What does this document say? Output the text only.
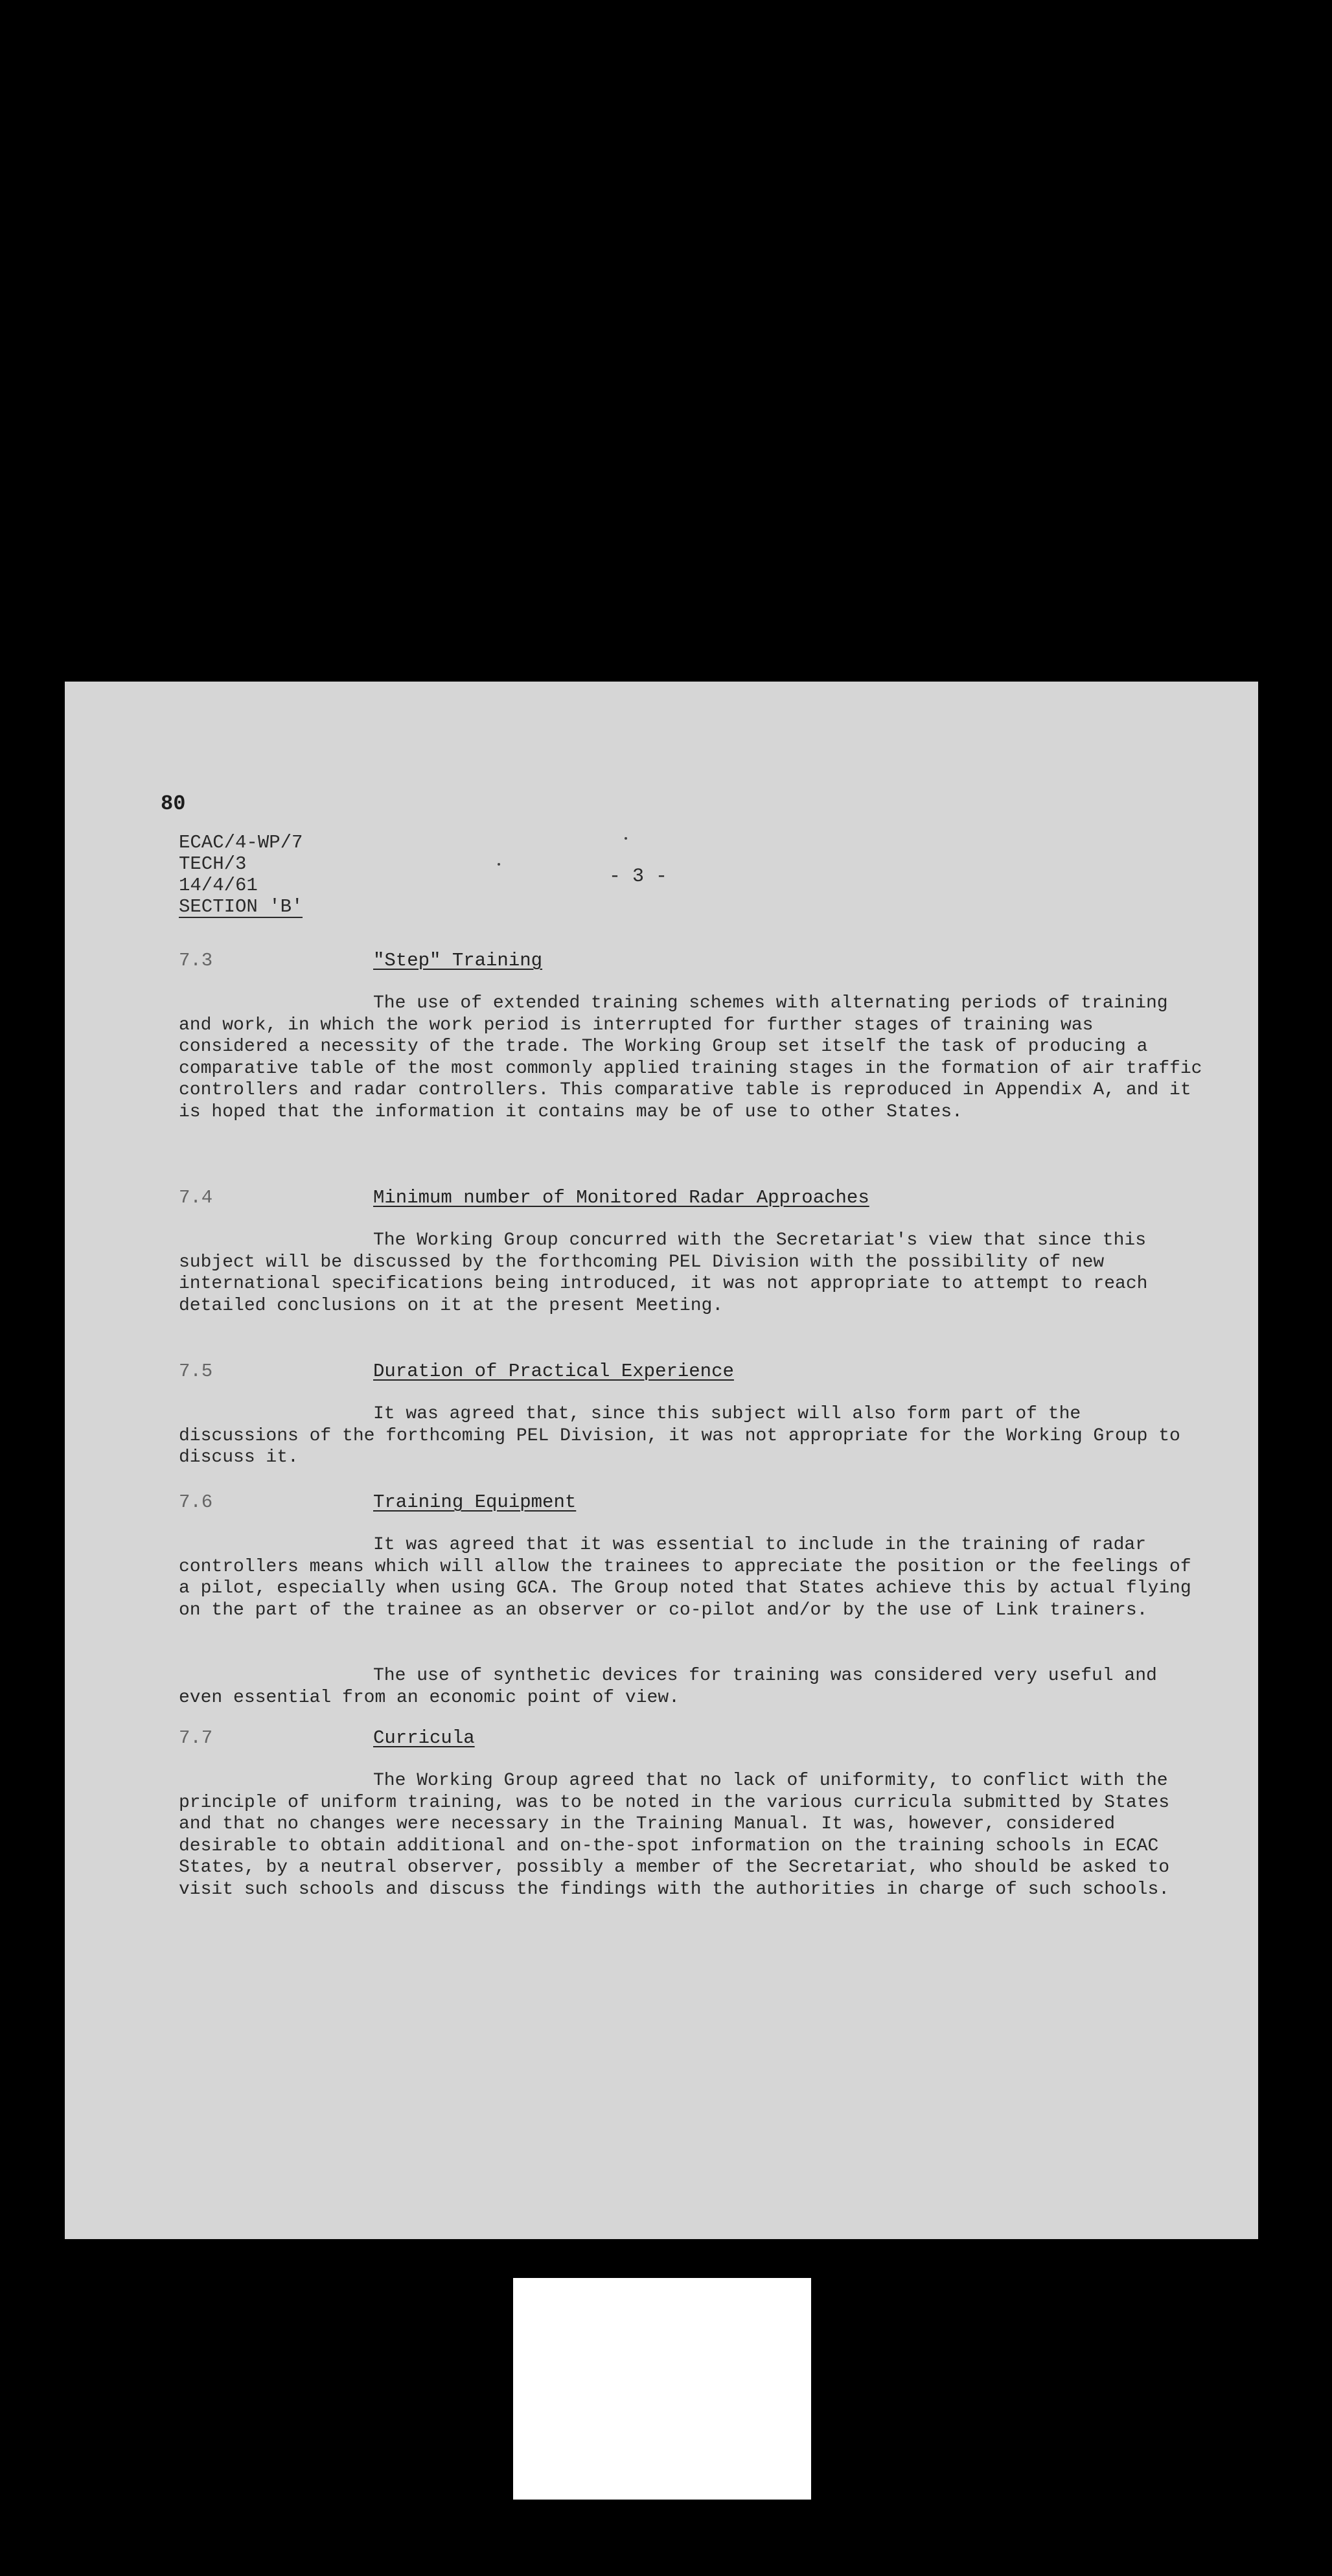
80
ECAC/4-WP/7
TECH/3
14/4/61
SECTION 'B'
- 3 -
7.3	"Step" Training
The use of extended training schemes with alternating periods of training and work, in which the work period is interrupted for further stages of training was considered a necessity of the trade. The Working Group set itself the task of producing a comparative table of the most commonly applied training stages in the formation of air traffic controllers and radar controllers. This comparative table is reproduced in Appendix A, and it is hoped that the information it contains may be of use to other States.
7.4	Minimum number of Monitored Radar Approaches
The Working Group concurred with the Secretariat's view that since this subject will be discussed by the forthcoming PEL Division with the possibility of new international specifications being introduced, it was not appropriate to attempt to reach detailed conclusions on it at the present Meeting.
7.5	Duration of Practical Experience
It was agreed that, since this subject will also form part of the discussions of the forthcoming PEL Division, it was not appropriate for the Working Group to discuss it.
7.6	Training Equipment
It was agreed that it was essential to include in the training of radar controllers means which will allow the trainees to appreciate the position or the feelings of a pilot, especially when using GCA. The Group noted that States achieve this by actual flying on the part of the trainee as an observer or co-pilot and/or by the use of Link trainers.
The use of synthetic devices for training was considered very useful and even essential from an economic point of view.
7.7	Curricula
The Working Group agreed that no lack of uniformity, to conflict with the principle of uniform training, was to be noted in the various curricula submitted by States and that no changes were necessary in the Training Manual. It was, however, considered desirable to obtain additional and on-the-spot information on the training schools in ECAC States, by a neutral observer, possibly a member of the Secretariat, who should be asked to visit such schools and discuss the findings with the authorities in charge of such schools.
